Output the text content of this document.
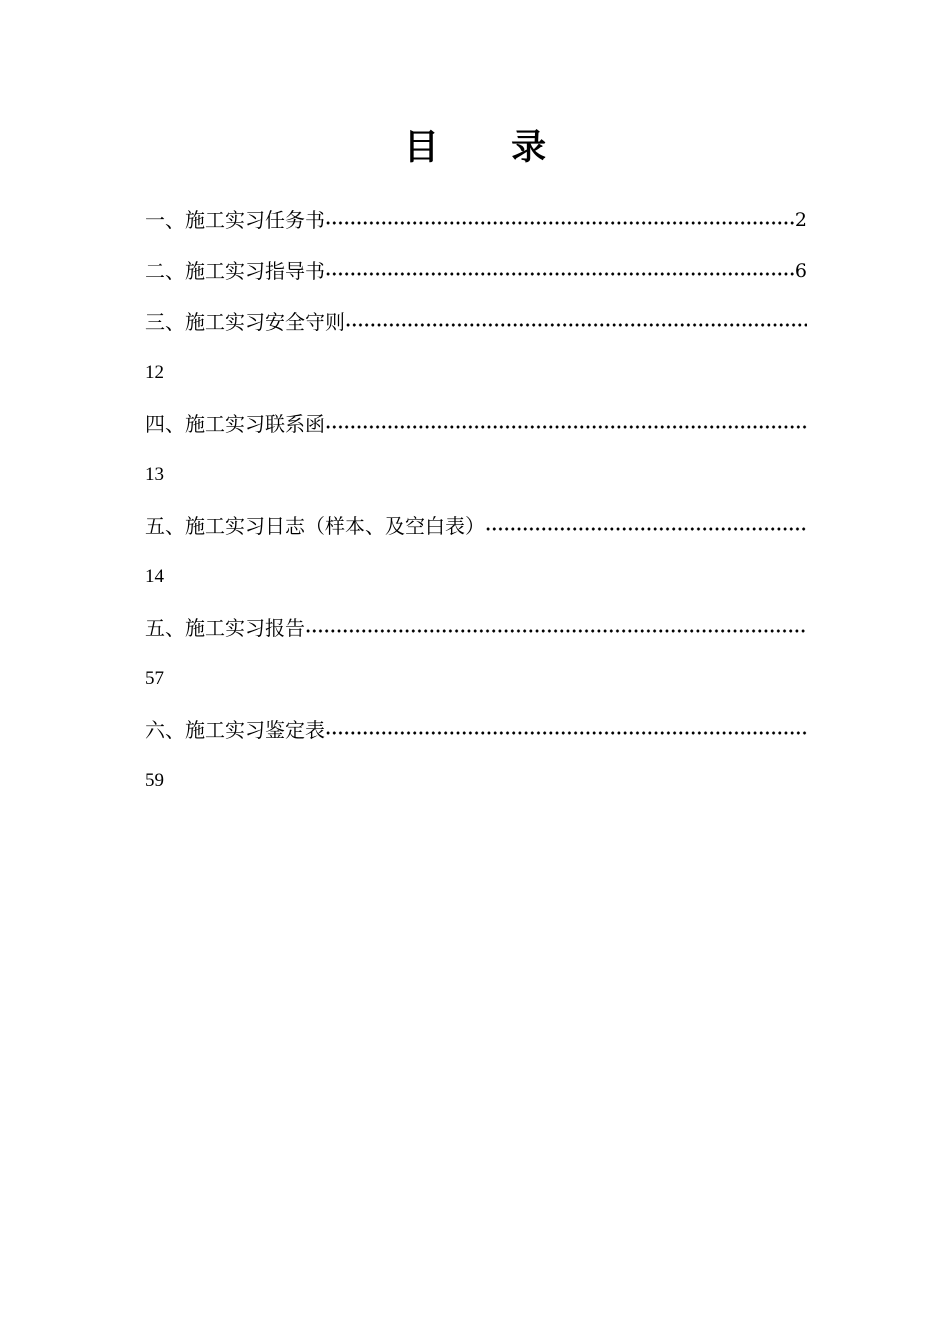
目 录
一、施工实习任务书	2
二、施工实习指导书	6
三、施工实习安全守则
12
四、施工实习联系函
13
五、施工实习日志（样本、及空白表）
14
五、施工实习报告
57
六、施工实习鉴定表
59
